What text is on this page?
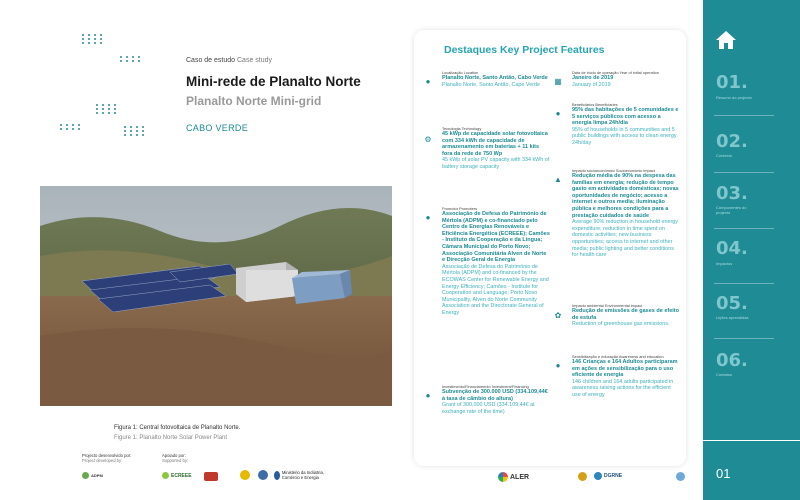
Caso de estudo Case study
Mini-rede de Planalto Norte
Planalto Norte Mini-grid
CABO VERDE
Figura 1: Central fotovoltaica de Planalto Norte.
Figure 1: Planalto Norte Solar Power Plant
Projecto desenvolvido por:
Project developed by:
ADPM
Apoiado por:
Supported by:
ECREEE	Ministério da Indústria, Comércio e Energia	ALER	DGRNE
Destaques Key Project Features
●
Localização Location
Planalto Norte, Santo Antão, Cabo Verde
Planalto Norte, Santo Antão, Cape Verde
⚙
Tecnologia Technology
45 kWp de capacidade solar fotovoltaica com 334 kWh de capacidade de armazenamento em baterias + 11 kits fora da rede de 750 Wp
45 kWp of solar PV capacity with 334 kWh of battery storage capacity
●
Promotor Promoters
Associação de Defesa do Património de Mértola (ADPM) e co-financiado pelo Centro de Energias Renováveis e Eficiência Energética (ECREEE); Camões - Instituto da Cooperação e da Língua; Câmara Municipal do Porto Novo; Associação Comunitária Alven de Norte e Direcção Geral de Energia
Associação de Defesa do Património de Mértola (ADPM) and co-financed by the ECOWAS Center for Renewable Energy and Energy Efficiency; Camões - Institute for Cooperation and Language; Porto Novo Municipality, Alven do Norte Community Association and the Directorate General of Energy
●
Investimento/Financiamento Investment/Financing
Subvenção de 300.000 USD (334.109,44€ à taxa de câmbio do altura)
Grant of 300,000 USD (334.109,44€ at exchange rate of the time)
▦
Data de início de operação Year of initial operation
Janeiro de 2019
January of 2019
●
Beneficiários Beneficiaries
95% das habitações de 5 comunidades e 5 serviços públicos com acesso a energia limpa 24h/dia
95% of households in 5 communities and 5 public buildings with access to clean energy 24h/day
▲
Impacto socioeconómico Socioeconomic impact
Redução média de 90% na despesa das famílias em energia; redução de tempo gasto em actividades domésticas; novas oportunidades de negócio; acesso a internet e outros media; iluminação pública e melhores condições para a prestação cuidados de saúde
Average 90% reduction in household energy expenditure; reduction in time spent on domestic activities; new business opportunities; access to internet and other media; public lighting and better conditions for health care
✿
Impacto ambiental Environmental impact
Redução de emissões de gases de efeito de estufa
Reduction of greenhouse gas emissions.
●
Sensibilização e educação Awareness and education
146 Crianças e 164 Adultos participaram em ações de sensibilização para o uso eficiente de energia
146 children and 164 adults participated in awareness raising actions for the efficient use of energy
01.
Resumo do projecto
02.
Contexto
03.
Componentes do projecto
04.
Impactos
05.
Lições aprendidas
06.
Contatos
01
